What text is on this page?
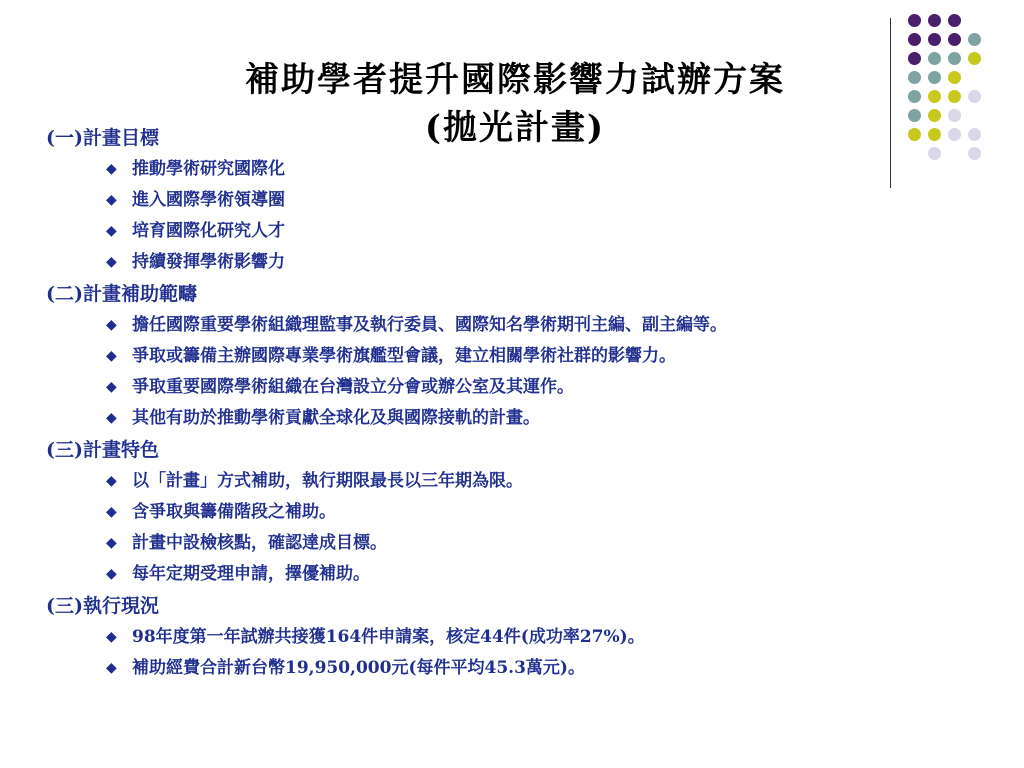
補助學者提升國際影響力試辦方案
(拋光計畫)
(一)計畫目標
◆ 推動學術研究國際化
◆ 進入國際學術領導圈
◆ 培育國際化研究人才
◆ 持續發揮學術影響力
(二)計畫補助範疇
◆ 擔任國際重要學術組織理監事及執行委員、國際知名學術期刊主編、副主編等。
◆ 爭取或籌備主辦國際專業學術旗艦型會議，建立相關學術社群的影響力。
◆ 爭取重要國際學術組織在台灣設立分會或辦公室及其運作。
◆ 其他有助於推動學術貢獻全球化及與國際接軌的計畫。
(三)計畫特色
◆ 以「計畫」方式補助，執行期限最長以三年期為限。
◆ 含爭取與籌備階段之補助。
◆ 計畫中設檢核點，確認達成目標。
◆ 每年定期受理申請，擇優補助。
(三)執行現況
◆ 98年度第一年試辦共接獲164件申請案，核定44件(成功率27%)。
◆ 補助經費合計新台幣19,950,000元(每件平均45.3萬元)。
